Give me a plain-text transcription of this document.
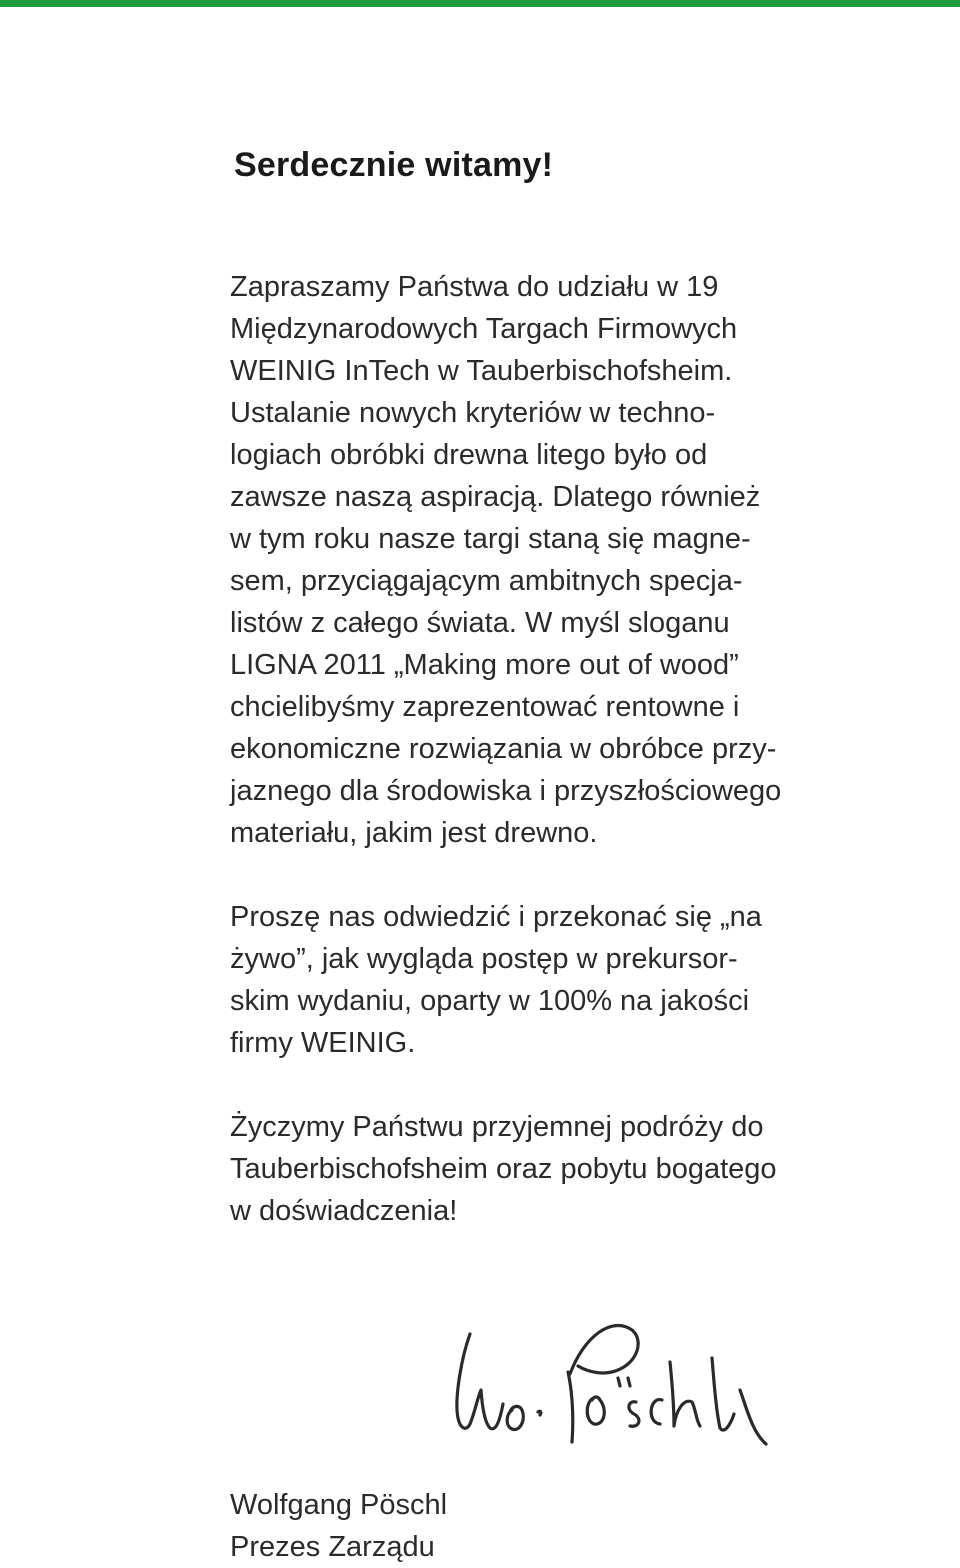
Serdecznie witamy!

Zapraszamy Państwa do udziału w 19
Międzynarodowych Targach Firmowych
WEINIG InTech w Tauberbischofsheim.
Ustalanie nowych kryteriów w techno-
logiach obróbki drewna litego było od
zawsze naszą aspiracją. Dlatego również
w tym roku nasze targi staną się magne-
sem, przyciągającym ambitnych specja-
listów z całego świata. W myśl sloganu
LIGNA 2011 „Making more out of wood”
chcielibyśmy zaprezentować rentowne i
ekonomiczne rozwiązania w obróbce przy-
jaznego dla środowiska i przyszłościowego
materiału, jakim jest drewno.

Proszę nas odwiedzić i przekonać się „na
żywo”, jak wygląda postęp w prekursor-
skim wydaniu, oparty w 100% na jakości
firmy WEINIG.

Życzymy Państwu przyjemnej podróży do
Tauberbischofsheim oraz pobytu bogatego
w doświadczenia!

Wolfgang Pöschl

Prezes Zarządu
